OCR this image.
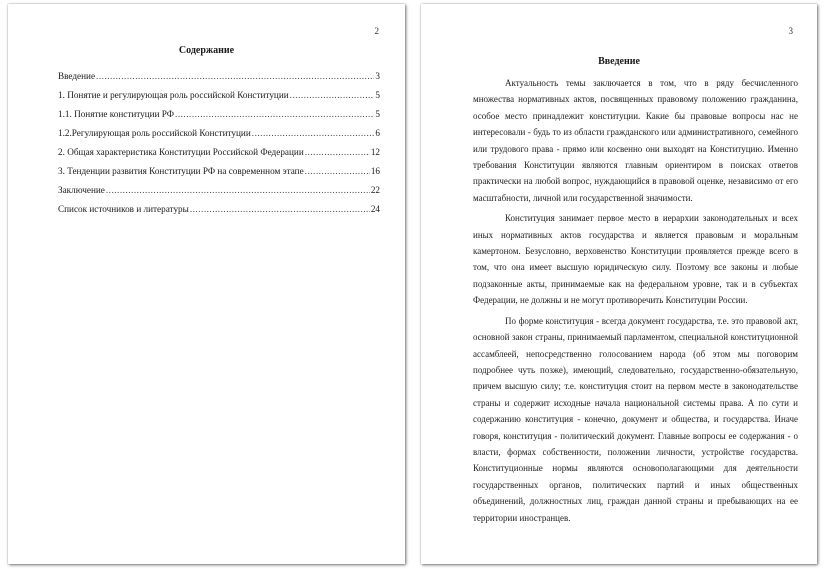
2
Содержание
Введение .....	3
1. Понятие и регулирующая роль российской Конституции .....	5
1.1. Понятие конституции РФ .....	5
1.2.Регулирующая роль российской Конституции .....	6
2. Общая характеристика Конституции Российской Федерации .....	12
3. Тенденции развития Конституции РФ на современном этапе .....	16
Заключение .....	22
Список источников и литературы .....	24
3
Введение

Актуальность темы заключается в том, что в ряду бесчисленного множества нормативных актов, посвященных правовому положению гражданина, особое место принадлежит конституции. Какие бы правовые вопросы нас не интересовали - будь то из области гражданского или административного, семейного или трудового права - прямо или косвенно они выходят на Конституцию. Именно требования Конституции являются главным ориентиром в поисках ответов практически на любой вопрос, нуждающийся в правовой оценке, независимо от его масштабности, личной или государственной значимости.

Конституция занимает первое место в иерархии законодательных и всех иных нормативных актов государства и является правовым и моральным камертоном. Безусловно, верховенство Конституции проявляется прежде всего в том, что она имеет высшую юридическую силу. Поэтому все законы и любые подзаконные акты, принимаемые как на федеральном уровне, так и в субъектах Федерации, не должны и не могут противоречить Конституции России.

По форме конституция - всегда документ государства, т.е. это правовой акт, основной закон страны, принимаемый парламентом, специальной конституционной ассамблеей, непосредственно голосованием народа (об этом мы поговорим подробнее чуть позже), имеющий, следовательно, государственно-обязательную, причем высшую силу; т.е. конституция стоит на первом месте в законодательстве страны и содержит исходные начала национальной системы права. А по сути и содержанию конституция - конечно, документ и общества, и государства. Иначе говоря, конституция - политический документ. Главные вопросы ее содержания - о власти, формах собственности, положении личности, устройстве государства. Конституционные нормы являются основополагающими для деятельности государственных органов, политических партий и иных общественных объединений, должностных лиц, граждан данной страны и пребывающих на ее территории иностранцев.
